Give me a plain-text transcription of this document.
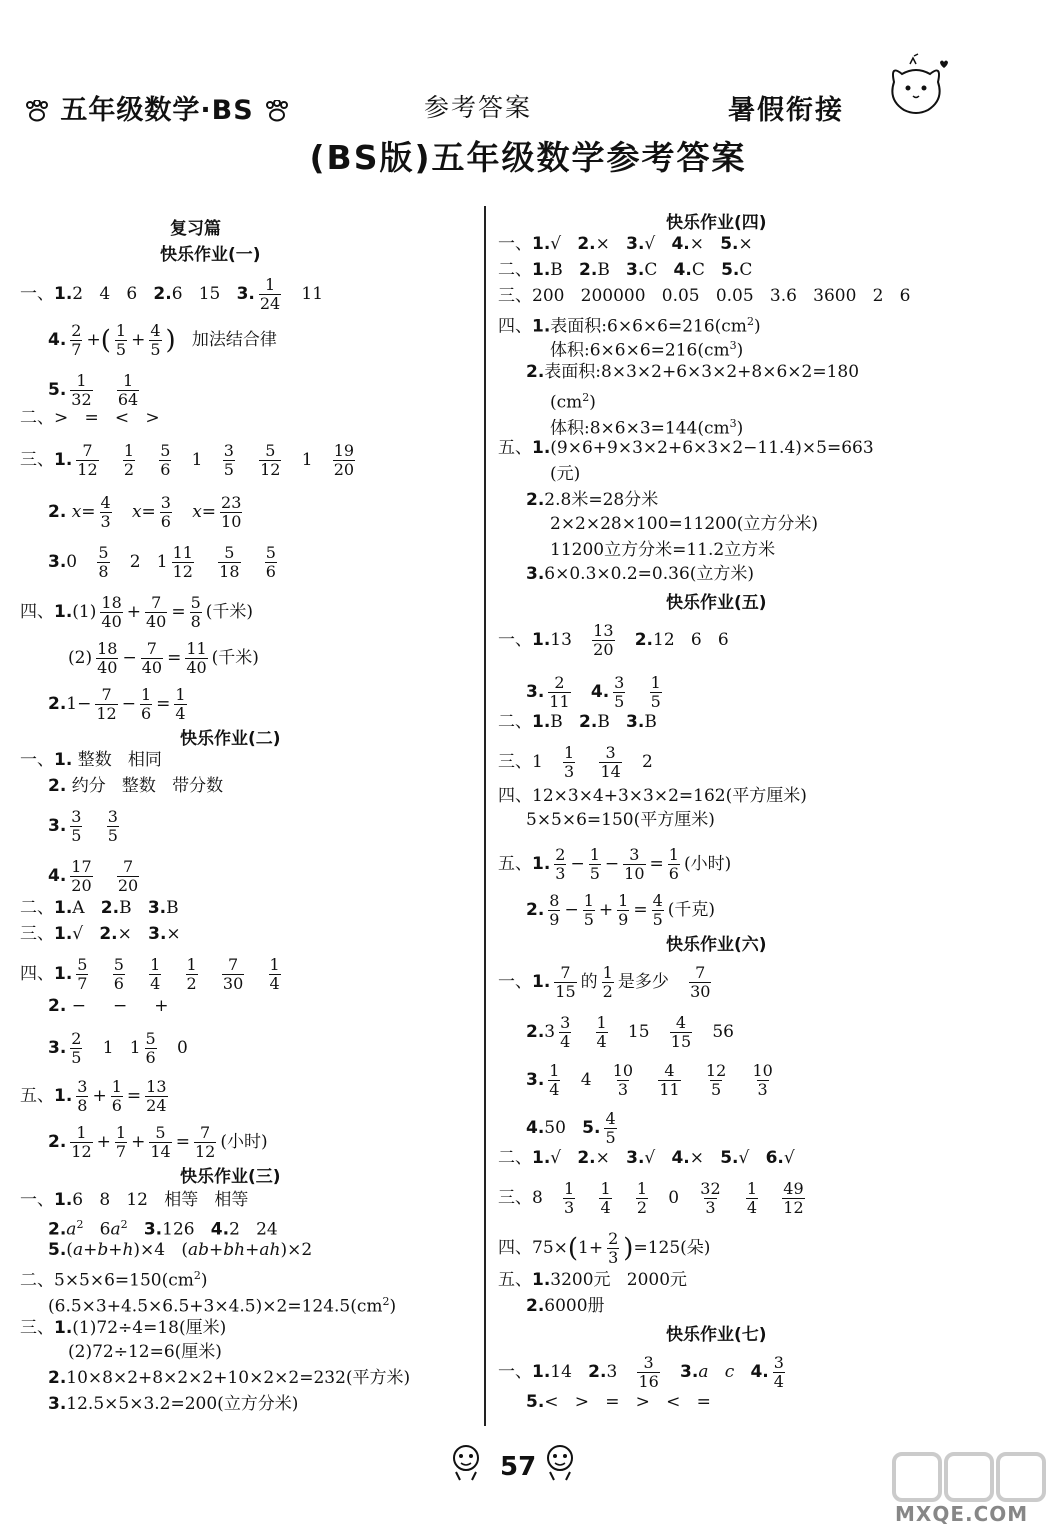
五年级数学·BS	参考答案	暑假衔接
(BS版)五年级数学参考答案
复习篇
快乐作业(一)
一、1.2   4   6   2.6   15   3. $\frac{1}{24} 11$
4. $\frac{2}{7}$ +( $\frac{1}{5} + \frac{4}{5}$ )   加法结合律
5. $\frac{1}{32}$
$\frac{1}{64}$
二、>   =   <   >
三、1. $\frac{7}{12}$
$\frac{1}{2}$
$\frac{5}{6} 1 \frac{3}{5}$
$\frac{5}{12} 1 \frac{19}{20}$
2. $x= \frac{4}{3} x= \frac{3}{6} x= \frac{23}{10}$
$3.0 \frac{5}{8} 2$   $1 \frac{11}{12}$
$\frac{5}{18}$
$\frac{5}{6}$
四、$1.(1) \frac{18}{40} + \frac{7}{40} = \frac{5}{8}$ (千米)
$(2) \frac{18}{40} - \frac{7}{40} = \frac{11}{40}$ (千米)
$2.1- \frac{7}{12} - \frac{1}{6} = \frac{1}{4}$
快乐作业(二)
一、1. 整数   相同
2. 约分   整数   带分数
3. $\frac{3}{5}$
$\frac{3}{5}$
4. $\frac{17}{20}$
$\frac{7}{20}$
二、1.A   2.B   3.B
三、1.√   2.×   3.×
四、1. $\frac{5}{7}$
$\frac{5}{6}$
$\frac{1}{4}$
$\frac{1}{2}$
$\frac{7}{30}$
$\frac{1}{4}$
2. −     −     +
3. $\frac{2}{5} 1$   $1 \frac{5}{6} 0$
五、1. $\frac{3}{8} + \frac{1}{6} = \frac{13}{24}$
2. $\frac{1}{12} + \frac{1}{7} + \frac{5}{14} = \frac{7}{12}$ (小时)
快乐作业(三)
一、1.6   8   12   相等   相等
$2.a^2$   $6a^2$ 3.126   4.2   24
5.(a+b+h)×4   (ab+bh+ah)×2
二、$5\times 5\times 6=150(cm^2)$
$(6.5\times 3+4.5\times 6.5+3\times 4.5)\times 2=124.5(cm^2)$
三、1.(1)72÷4=18(厘米)
(2)72÷12=6(厘米)
2.10×8×2+8×2×2+10×2×2=232(平方米)
3.12.5×5×3.2=200(立方分米)
快乐作业(四)
一、1.√   2.×   3.√   4.×   5.×
二、1.B   2.B   3.C   4.C   5.C
三、200   200000   0.05   0.05   3.6   3600   2   6
四、1.表面积$:6\times 6\times 6=216(cm^2)$
体积$:6\times 6\times 6=216(cm^3)$
2.表面积:8×3×2+6×3×2+8×6×2=180
$(cm^2)$
体积$:8\times 6\times 3=144(cm^3)$
五、1.(9×6+9×3×2+6×3×2−11.4)×5=663
(元)
2.2.8米=28分米
2×2×28×100=11200(立方分米)
11200立方分米=11.2立方米
3.6×0.3×0.2=0.36(立方米)
快乐作业(五)
一、$1.13 \frac{13}{20} 2.12$   6   6
3. $\frac{2}{11} 4$. $\frac{3}{5}$
$\frac{1}{5}$
二、1.B   2.B   3.B
三、$1 \frac{1}{3}$
$\frac{3}{14} 2$
四、12×3×4+3×3×2=162(平方厘米)
5×5×6=150(平方厘米)
五、1. $\frac{2}{3} - \frac{1}{5} - \frac{3}{10} = \frac{1}{6}$ (小时)
2. $\frac{8}{9} - \frac{1}{5} + \frac{1}{9} = \frac{4}{5}$ (千克)
快乐作业(六)
一、1. $\frac{7}{15}$ 的 $\frac{1}{2}$ 是多少 $\frac{7}{30}$
$2.3 \frac{3}{4}$
$\frac{1}{4} 15 \frac{4}{15} 56$
3. $\frac{1}{4} 4 \frac{10}{3}$
$\frac{4}{11}$
$\frac{12}{5}$
$\frac{10}{3}$
4.50   5. $\frac{4}{5}$
二、1.√   2.×   3.√   4.×   5.√   6.√
三、$8 \frac{1}{3}$
$\frac{1}{4}$
$\frac{1}{2} 0 \frac{32}{3}$
$\frac{1}{4}$
$\frac{49}{12}$
四、$75\times(1+ \frac{2}{3} )=125$(朵)
五、1.3200元   2000元
2.6000册
快乐作业(七)
一、1.14   $2.3 \frac{3}{16} 3.a$ c 4. $\frac{3}{4}$
5.<   >   =   >   <   =
57
MXQE.COM
